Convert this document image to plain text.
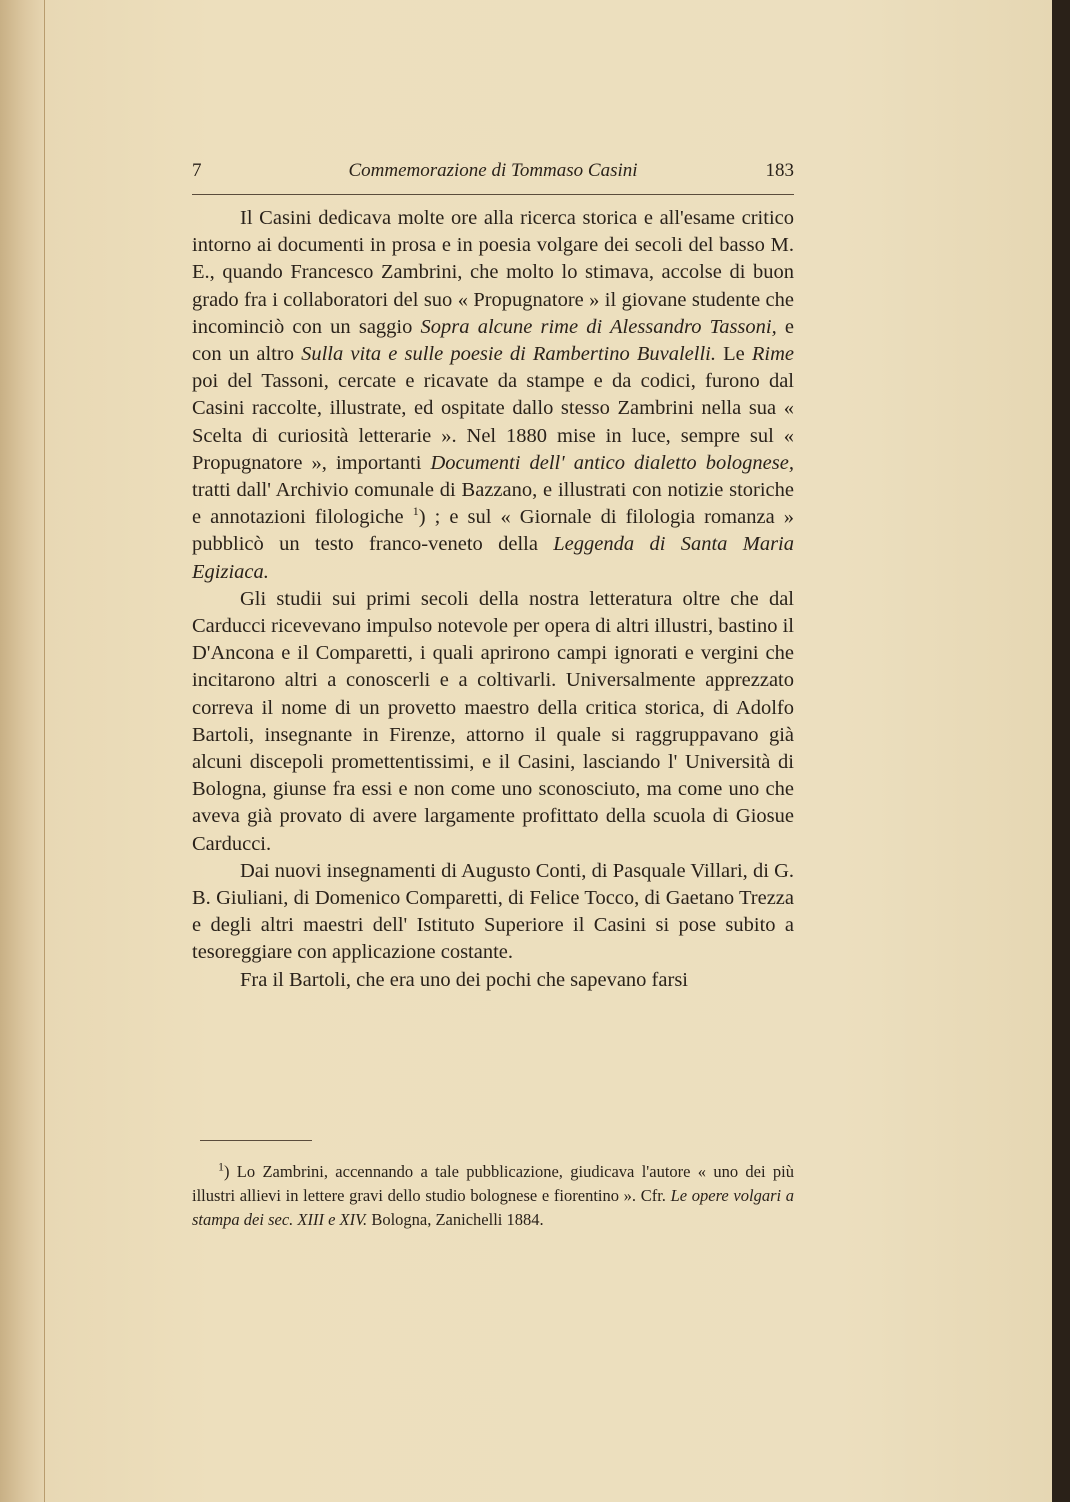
7	Commemorazione di Tommaso Casini	183

Il Casini dedicava molte ore alla ricerca storica e all'esame critico intorno ai documenti in prosa e in poesia volgare dei secoli del basso M. E., quando Francesco Zambrini, che molto lo stimava, accolse di buon grado fra i collaboratori del suo « Propugnatore » il giovane studente che incominciò con un saggio Sopra alcune rime di Alessandro Tassoni, e con un altro Sulla vita e sulle poesie di Rambertino Buvalelli. Le Rime poi del Tassoni, cercate e ricavate da stampe e da codici, furono dal Casini raccolte, illustrate, ed ospitate dallo stesso Zambrini nella sua « Scelta di curiosità letterarie ». Nel 1880 mise in luce, sempre sul « Propugnatore », importanti Documenti dell' antico dialetto bolognese, tratti dall' Archivio comunale di Bazzano, e illustrati con notizie storiche e annotazioni filologiche $^1$) ; e sul « Giornale di filologia romanza » pubblicò un testo franco-veneto della Leggenda di Santa Maria Egiziaca.

Gli studii sui primi secoli della nostra letteratura oltre che dal Carducci ricevevano impulso notevole per opera di altri illustri, bastino il D'Ancona e il Comparetti, i quali aprirono campi ignorati e vergini che incitarono altri a conoscerli e a coltivarli. Universalmente apprezzato correva il nome di un provetto maestro della critica storica, di Adolfo Bartoli, insegnante in Firenze, attorno il quale si raggruppavano già alcuni discepoli promettentissimi, e il Casini, lasciando l' Università di Bologna, giunse fra essi e non come uno sconosciuto, ma come uno che aveva già provato di avere largamente profittato della scuola di Giosue Carducci.

Dai nuovi insegnamenti di Augusto Conti, di Pasquale Villari, di G. B. Giuliani, di Domenico Comparetti, di Felice Tocco, di Gaetano Trezza e degli altri maestri dell' Istituto Superiore il Casini si pose subito a tesoreggiare con applicazione costante.

Fra il Bartoli, che era uno dei pochi che sapevano farsi

$^1$) Lo Zambrini, accennando a tale pubblicazione, giudicava l'autore « uno dei più illustri allievi in lettere gravi dello studio bolognese e fiorentino ». Cfr. Le opere volgari a stampa dei sec. XIII e XIV. Bologna, Zanichelli 1884.
